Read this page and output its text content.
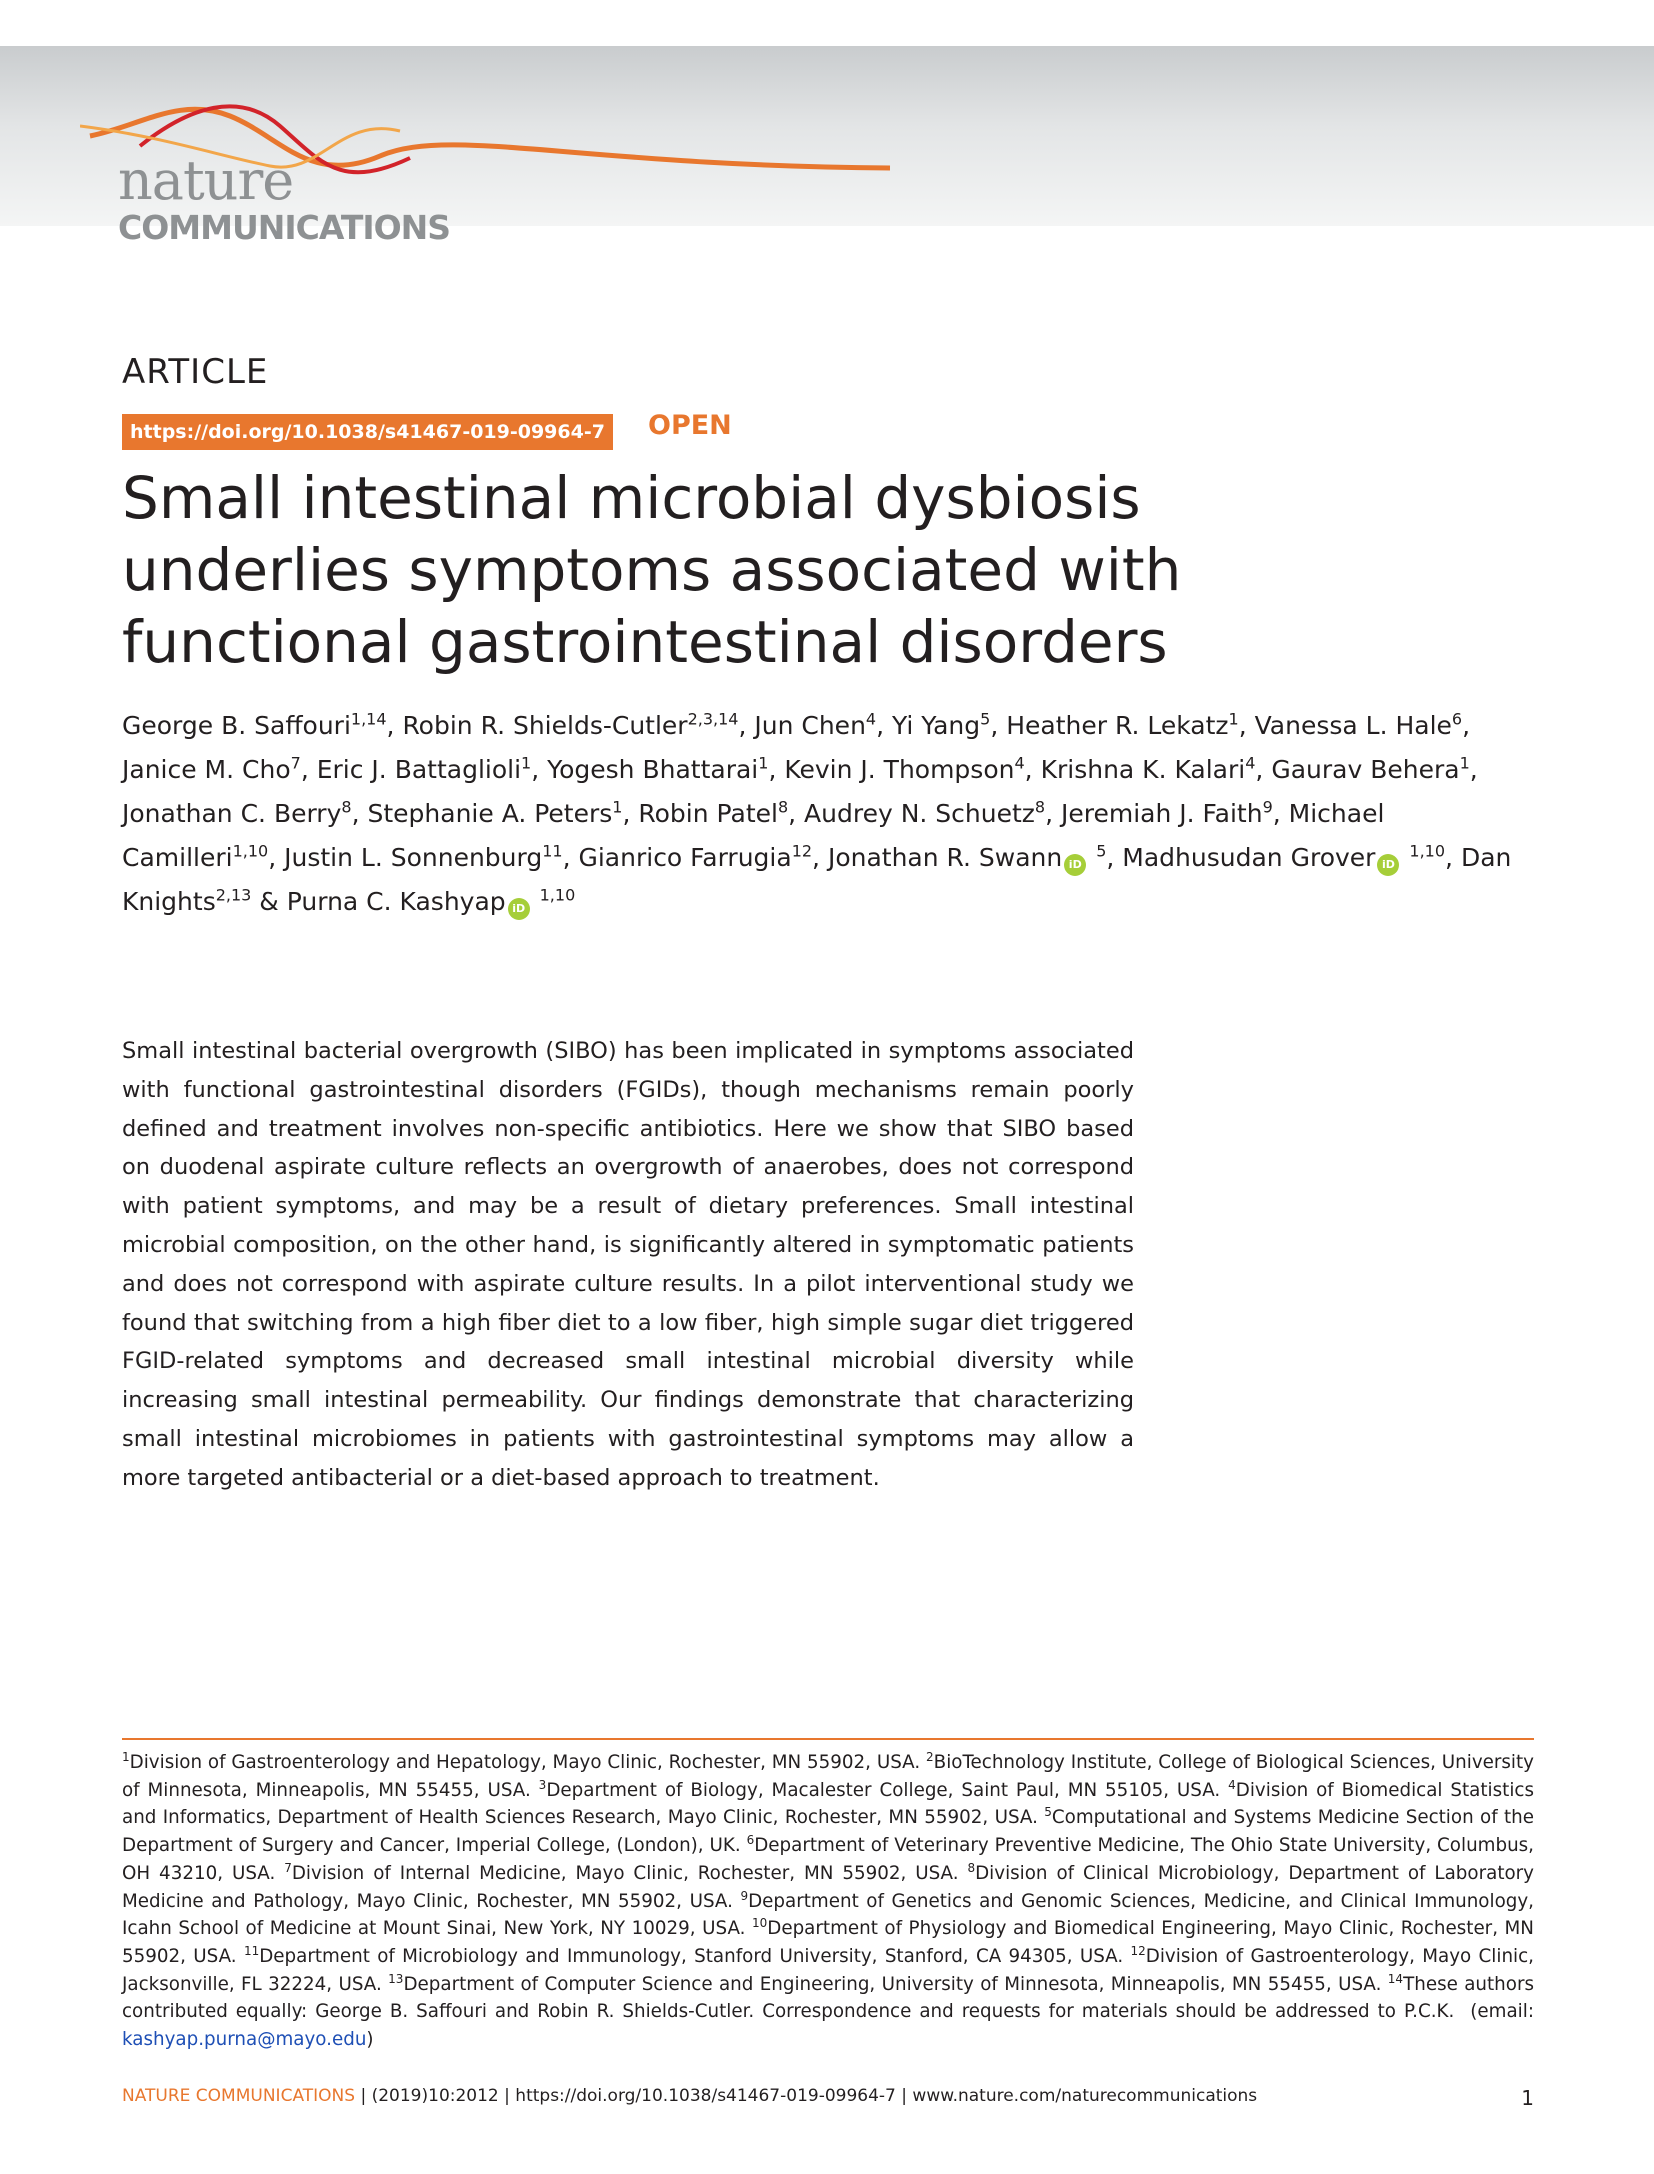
nature
COMMUNICATIONS
ARTICLE
https://doi.org/10.1038/s41467-019-09964-7 OPEN
Small intestinal microbial dysbiosis underlies symptoms associated with functional gastrointestinal disorders
George B. Saffouri$^{1,14}$, Robin R. Shields-Cutler$^{2,3,14}$, Jun Chen$^4$, Yi Yang$^5$, Heather R. Lekatz$^1$, Vanessa L. Hale$^6$, Janice M. Cho$^7$, Eric J. Battaglioli$^1$, Yogesh Bhattarai$^1$, Kevin J. Thompson$^4$, Krishna K. Kalari$^4$, Gaurav Behera$^1$, Jonathan C. Berry$^8$, Stephanie A. Peters$^1$, Robin Patel$^8$, Audrey N. Schuetz$^8$, Jeremiah J. Faith$^9$, Michael Camilleri$^{1,10}$, Justin L. Sonnenburg$^{11}$, Gianrico Farrugia$^{12}$, Jonathan R. Swann iD $^5$, Madhusudan Grover iD $^{1,10}$, Dan Knights$^{2,13}$ & Purna C. Kashyap iD $^{1,10}$

Small intestinal bacterial overgrowth (SIBO) has been implicated in symptoms associated with functional gastrointestinal disorders (FGIDs), though mechanisms remain poorly defined and treatment involves non-specific antibiotics. Here we show that SIBO based on duodenal aspirate culture reflects an overgrowth of anaerobes, does not correspond with patient symptoms, and may be a result of dietary preferences. Small intestinal microbial composition, on the other hand, is significantly altered in symptomatic patients and does not correspond with aspirate culture results. In a pilot interventional study we found that switching from a high fiber diet to a low fiber, high simple sugar diet triggered FGID-related symptoms and decreased small intestinal microbial diversity while increasing small intestinal permeability. Our findings demonstrate that characterizing small intestinal microbiomes in patients with gastrointestinal symptoms may allow a more targeted antibacterial or a diet-based approach to treatment.

$^1$Division of Gastroenterology and Hepatology, Mayo Clinic, Rochester, MN 55902, USA. $^2$BioTechnology Institute, College of Biological Sciences, University of Minnesota, Minneapolis, MN 55455, USA. $^3$Department of Biology, Macalester College, Saint Paul, MN 55105, USA. $^4$Division of Biomedical Statistics and Informatics, Department of Health Sciences Research, Mayo Clinic, Rochester, MN 55902, USA. $^5$Computational and Systems Medicine Section of the Department of Surgery and Cancer, Imperial College, (London), UK. $^6$Department of Veterinary Preventive Medicine, The Ohio State University, Columbus, OH 43210, USA. $^7$Division of Internal Medicine, Mayo Clinic, Rochester, MN 55902, USA. $^8$Division of Clinical Microbiology, Department of Laboratory Medicine and Pathology, Mayo Clinic, Rochester, MN 55902, USA. $^9$Department of Genetics and Genomic Sciences, Medicine, and Clinical Immunology, Icahn School of Medicine at Mount Sinai, New York, NY 10029, USA. $^{10}$Department of Physiology and Biomedical Engineering, Mayo Clinic, Rochester, MN 55902, USA. $^{11}$Department of Microbiology and Immunology, Stanford University, Stanford, CA 94305, USA. $^{12}$Division of Gastroenterology, Mayo Clinic, Jacksonville, FL 32224, USA. $^{13}$Department of Computer Science and Engineering, University of Minnesota, Minneapolis, MN 55455, USA. $^{14}$These authors contributed equally: George B. Saffouri and Robin R. Shields-Cutler. Correspondence and requests for materials should be addressed to P.C.K.  (email: kashyap.purna@mayo.edu)

NATURE COMMUNICATIONS | (2019)10:2012 | https://doi.org/10.1038/s41467-019-09964-7 | www.nature.com/naturecommunications	1
